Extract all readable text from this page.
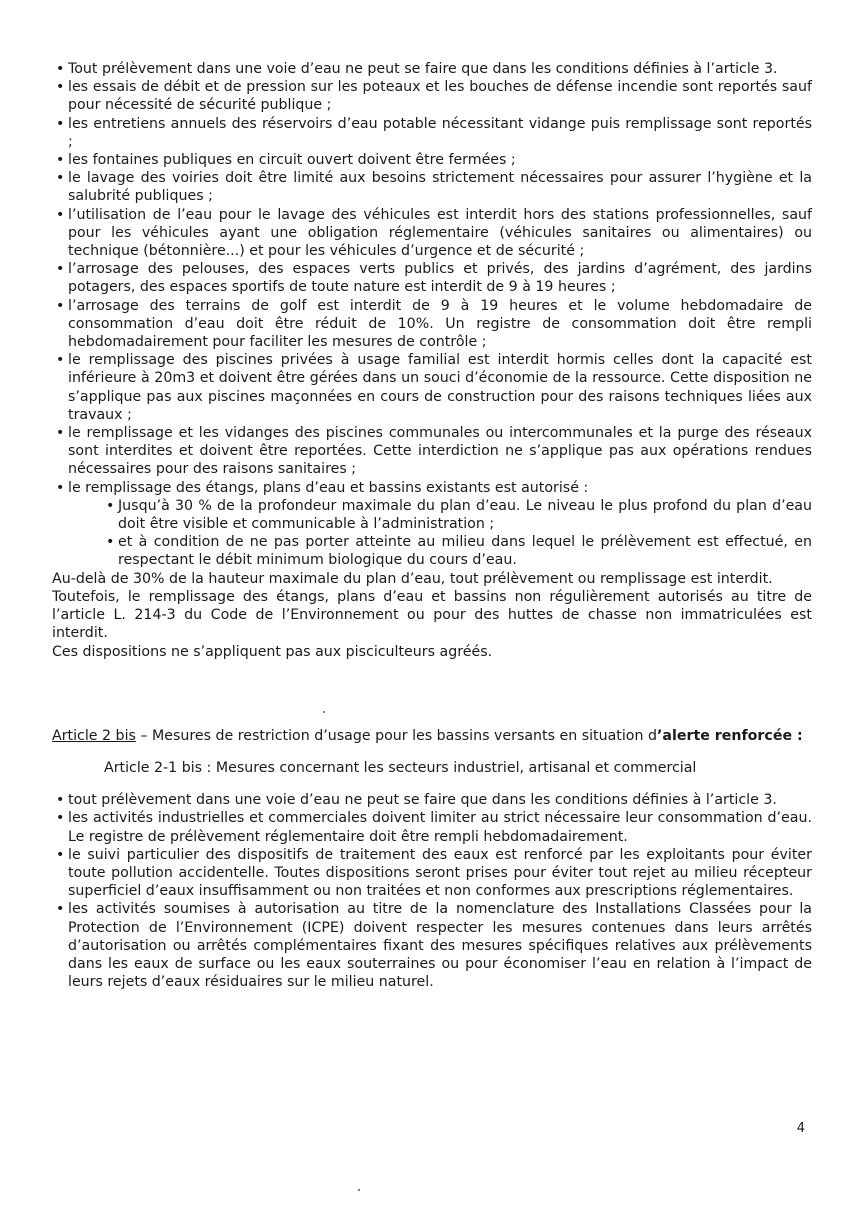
• Tout prélèvement dans une voie d’eau ne peut se faire que dans les conditions définies à l’article 3.
• les essais de débit et de pression sur les poteaux et les bouches de défense incendie sont reportés sauf pour nécessité de sécurité publique ;
• les entretiens annuels des réservoirs d’eau potable nécessitant vidange puis remplissage sont reportés ;
• les fontaines publiques en circuit ouvert doivent être fermées ;
• le lavage des voiries doit être limité aux besoins strictement nécessaires pour assurer l’hygiène et la salubrité publiques ;
• l’utilisation de l’eau pour le lavage des véhicules est interdit hors des stations professionnelles, sauf pour les véhicules ayant une obligation réglementaire (véhicules sanitaires ou alimentaires) ou technique (bétonnière...) et pour les véhicules d’urgence et de sécurité ;
• l’arrosage des pelouses, des espaces verts publics et privés, des jardins d’agrément, des jardins potagers, des espaces sportifs de toute nature est interdit de 9 à 19 heures ;
• l’arrosage des terrains de golf est interdit de 9 à 19 heures et le volume hebdomadaire de consommation d’eau doit être réduit de 10%. Un registre de consommation doit être rempli hebdomadairement pour faciliter les mesures de contrôle ;
• le remplissage des piscines privées à usage familial est interdit hormis celles dont la capacité est inférieure à 20m3 et doivent être gérées dans un souci d’économie de la ressource. Cette disposition ne s’applique pas aux piscines maçonnées en cours de construction pour des raisons techniques liées aux travaux ;
• le remplissage et les vidanges des piscines communales ou intercommunales et la purge des réseaux sont interdites et doivent être reportées. Cette interdiction ne s’applique pas aux opérations rendues nécessaires pour des raisons sanitaires ;
• le remplissage des étangs, plans d’eau et bassins existants est autorisé :
• Jusqu’à 30 % de la profondeur maximale du plan d’eau. Le niveau le plus profond du plan d’eau doit être visible et communicable à l’administration ;
• et à condition de ne pas porter atteinte au milieu dans lequel le prélèvement est effectué, en respectant le débit minimum biologique du cours d’eau.
Au-delà de 30% de la hauteur maximale du plan d’eau, tout prélèvement ou remplissage est interdit.
Toutefois, le remplissage des étangs, plans d’eau et bassins non régulièrement autorisés au titre de l’article L. 214-3 du Code de l’Environnement ou pour des huttes de chasse non immatriculées est interdit.
Ces dispositions ne s’appliquent pas aux pisciculteurs agréés.
Article 2 bis – Mesures de restriction d’usage pour les bassins versants en situation d’alerte renforcée :
Article 2-1 bis : Mesures concernant les secteurs industriel, artisanal et commercial
• tout prélèvement dans une voie d’eau ne peut se faire que dans les conditions définies à l’article 3.
• les activités industrielles et commerciales doivent limiter au strict nécessaire leur consommation d’eau. Le registre de prélèvement réglementaire doit être rempli hebdomadairement.
• le suivi particulier des dispositifs de traitement des eaux est renforcé par les exploitants pour éviter toute pollution accidentelle. Toutes dispositions seront prises pour éviter tout rejet au milieu récepteur superficiel d’eaux insuffisamment ou non traitées et non conformes aux prescriptions réglementaires.
• les activités soumises à autorisation au titre de la nomenclature des Installations Classées pour la Protection de l’Environnement (ICPE) doivent respecter les mesures contenues dans leurs arrêtés d’autorisation ou arrêtés complémentaires fixant des mesures spécifiques relatives aux prélèvements dans les eaux de surface ou les eaux souterraines ou pour économiser l’eau en relation à l’impact de leurs rejets d’eaux résiduaires sur le milieu naturel.
4
